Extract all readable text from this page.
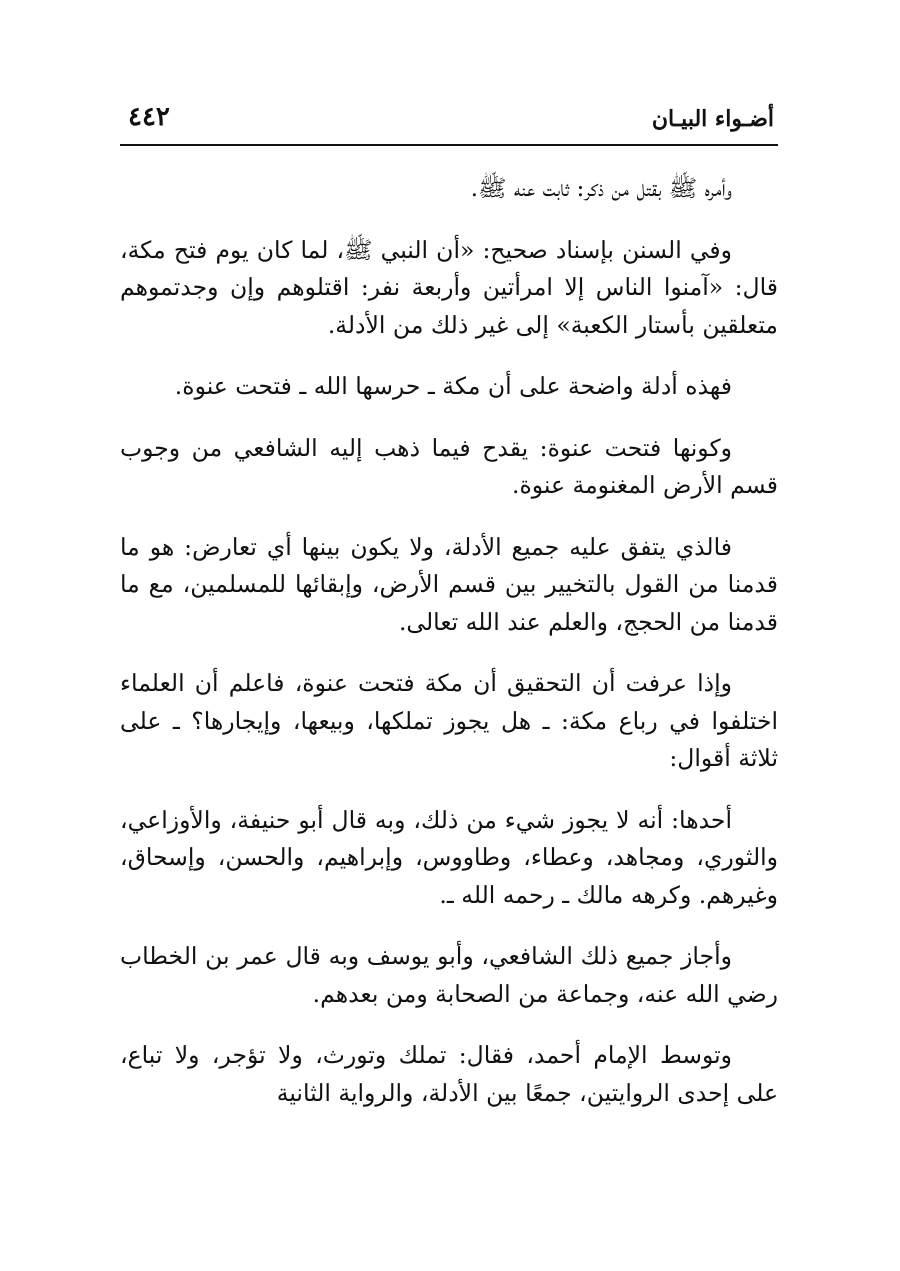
أضـواء البيـان
٤٤٢

وأمره ﷺ بقتل من ذكر: ثابت عنه ﷺ.

وفي السنن بإسناد صحيح: «أن النبي ﷺ، لما كان يوم فتح مكة، قال: «آمنوا الناس إلا امرأتين وأربعة نفر: اقتلوهم وإن وجدتموهم متعلقين بأستار الكعبة» إلى غير ذلك من الأدلة.

فهذه أدلة واضحة على أن مكة ـ حرسها الله ـ فتحت عنوة.

وكونها فتحت عنوة: يقدح فيما ذهب إليه الشافعي من وجوب قسم الأرض المغنومة عنوة.

فالذي يتفق عليه جميع الأدلة، ولا يكون بينها أي تعارض: هو ما قدمنا من القول بالتخيير بين قسم الأرض، وإبقائها للمسلمين، مع ما قدمنا من الحجج، والعلم عند الله تعالى.

وإذا عرفت أن التحقيق أن مكة فتحت عنوة، فاعلم أن العلماء اختلفوا في رباع مكة: ـ هل يجوز تملكها، وبيعها، وإيجارها؟ ـ على ثلاثة أقوال:

أحدها: أنه لا يجوز شيء من ذلك، وبه قال أبو حنيفة، والأوزاعي، والثوري، ومجاهد، وعطاء، وطاووس، وإبراهيم، والحسن، وإسحاق، وغيرهم. وكرهه مالك ـ رحمه الله ـ.

وأجاز جميع ذلك الشافعي، وأبو يوسف وبه قال عمر بن الخطاب رضي الله عنه، وجماعة من الصحابة ومن بعدهم.

وتوسط الإمام أحمد، فقال: تملك وتورث، ولا تؤجر، ولا تباع، على إحدى الروايتين، جمعًا بين الأدلة، والرواية الثانية
